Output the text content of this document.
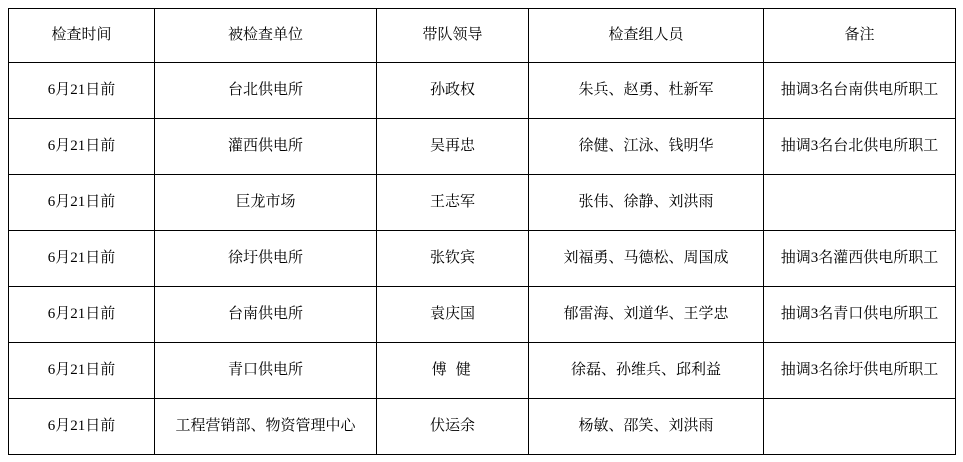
检查时间	被检查单位	带队领导	检查组人员	备注
6月21日前	台北供电所	孙政权	朱兵、赵勇、杜新军	抽调3名台南供电所职工
6月21日前	灌西供电所	吴再忠	徐健、江泳、钱明华	抽调3名台北供电所职工
6月21日前	巨龙市场	王志军	张伟、徐静、刘洪雨	
6月21日前	徐圩供电所	张钦宾	刘福勇、马德松、周国成	抽调3名灌西供电所职工
6月21日前	台南供电所	袁庆国	郁雷海、刘道华、王学忠	抽调3名青口供电所职工
6月21日前	青口供电所	傅 健	徐磊、孙维兵、邱利益	抽调3名徐圩供电所职工
6月21日前	工程营销部、物资管理中心	伏运余	杨敏、邵笑、刘洪雨	
